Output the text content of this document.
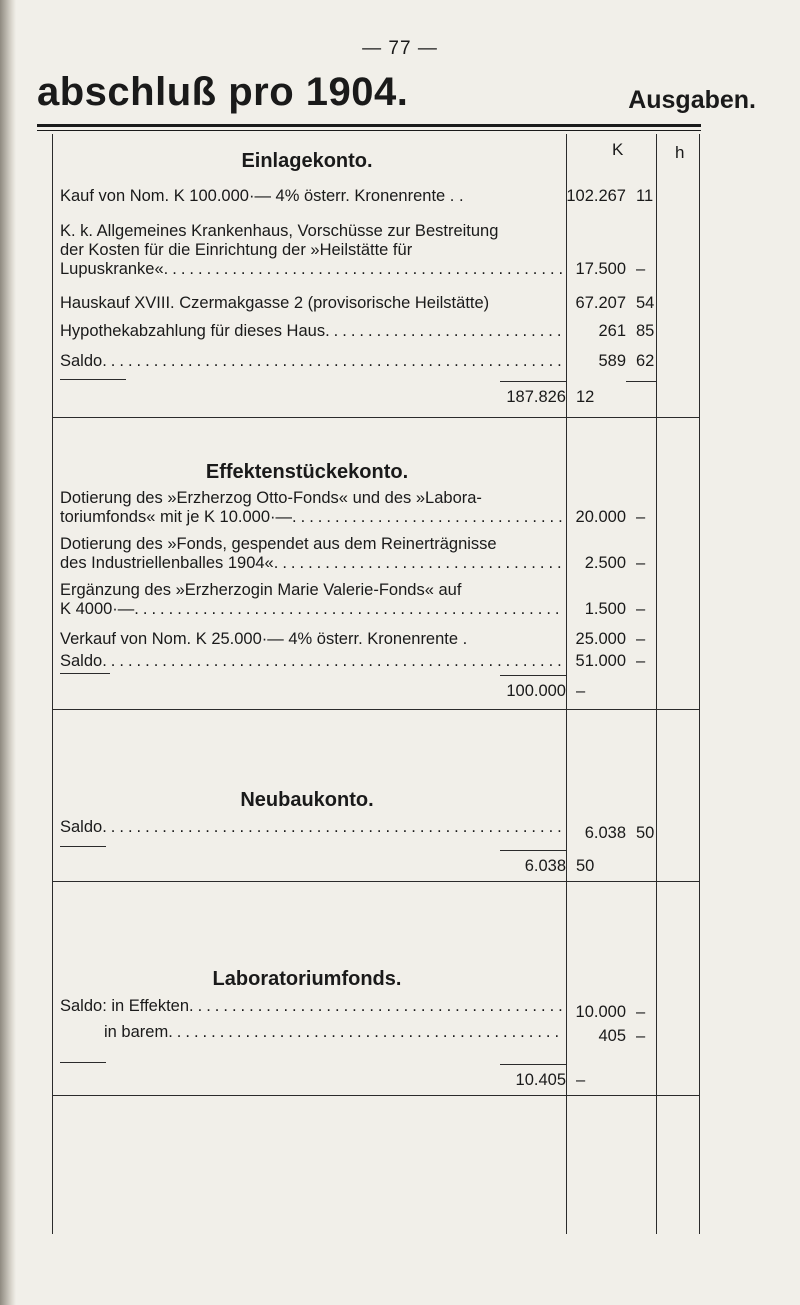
— 77 —
abschluß pro 1904.	Ausgaben.
K	h
Einlagekonto.
Kauf von Nom. K 100.000·— 4% österr. Kronenrente . .	102.267 11
K. k. Allgemeines Krankenhaus, Vorschüsse zur Bestreitung
der Kosten für die Einrichtung der »Heilstätte für
Lupuskranke« .....	17.500 –
Hauskauf XVIII. Czermakgasse 2 (provisorische Heilstätte)	67.207 54
Hypothekabzahlung für dieses Haus .....	261 85
Saldo .....	589 62
187.826 12
Effektenstückekonto.
Dotierung des »Erzherzog Otto-Fonds« und des »Labora-
toriumfonds« mit je K 10.000·— .....	20.000 –
Dotierung des »Fonds, gespendet aus dem Reinerträgnisse
des Industriellenballes 1904« .....	2.500 –
Ergänzung des »Erzherzogin Marie Valerie-Fonds« auf
K 4000·— .....	1.500 –
Verkauf von Nom. K 25.000·— 4% österr. Kronenrente .	25.000 –
Saldo .....	51.000 –
100.000 –
Neubaukonto.
Saldo .....	6.038 50
6.038 50
Laboratoriumfonds.
Saldo: in Effekten .....	10.000 –
in barem .....	405 –
10.405 –
